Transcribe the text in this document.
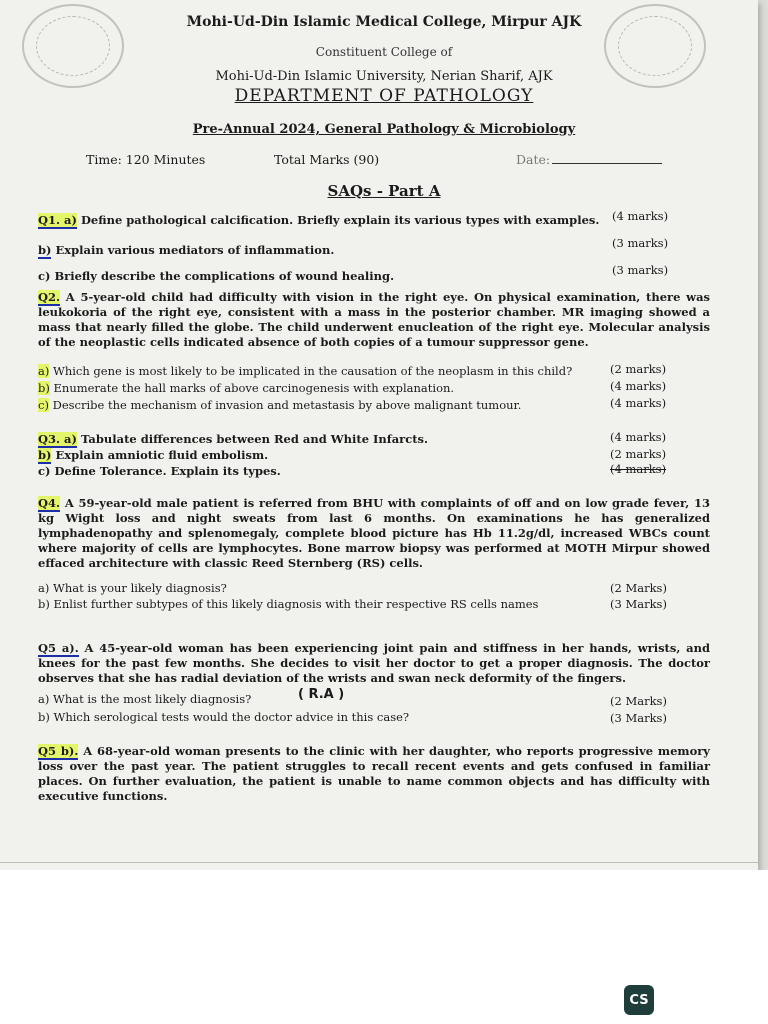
Mohi-Ud-Din Islamic Medical College, Mirpur AJK
Constituent College of
Mohi-Ud-Din Islamic University, Nerian Sharif, AJK
DEPARTMENT OF PATHOLOGY
Pre-Annual 2024, General Pathology & Microbiology
Time: 120 Minutes	Total Marks (90)	Date:
SAQs - Part A
Q1. a) Define pathological calcification. Briefly explain its various types with examples. (4 marks)
b) Explain various mediators of inflammation.	(3 marks)
c) Briefly describe the complications of wound healing.	(3 marks)
Q2. A 5-year-old child had difficulty with vision in the right eye. On physical examination, there was leukokoria of the right eye, consistent with a mass in the posterior chamber. MR imaging showed a mass that nearly filled the globe. The child underwent enucleation of the right eye. Molecular analysis of the neoplastic cells indicated absence of both copies of a tumour suppressor gene.
a) Which gene is most likely to be implicated in the causation of the neoplasm in this child?	(2 marks)
b) Enumerate the hall marks of above carcinogenesis with explanation.	(4 marks)
c) Describe the mechanism of invasion and metastasis by above malignant tumour.	(4 marks)
Q3. a) Tabulate differences between Red and White Infarcts.	(4 marks)
b) Explain amniotic fluid embolism.	(2 marks)
c) Define Tolerance. Explain its types.	(4 marks)
Q4. A 59-year-old male patient is referred from BHU with complaints of off and on low grade fever, 13 kg Wight loss and night sweats from last 6 months. On examinations he has generalized lymphadenopathy and splenomegaly, complete blood picture has Hb 11.2g/dl, increased WBCs count where majority of cells are lymphocytes. Bone marrow biopsy was performed at MOTH Mirpur showed effaced architecture with classic Reed Sternberg (RS) cells.
a) What is your likely diagnosis?	(2 Marks)
b) Enlist further subtypes of this likely diagnosis with their respective RS cells names	(3 Marks)
Q5 a). A 45-year-old woman has been experiencing joint pain and stiffness in her hands, wrists, and knees for the past few months. She decides to visit her doctor to get a proper diagnosis. The doctor observes that she has radial deviation of the wrists and swan neck deformity of the fingers.
a) What is the most likely diagnosis?	( R.A )	(2 Marks)
b) Which serological tests would the doctor advice in this case?	(3 Marks)
Q5 b). A 68-year-old woman presents to the clinic with her daughter, who reports progressive memory loss over the past year. The patient struggles to recall recent events and gets confused in familiar places. On further evaluation, the patient is unable to name common objects and has difficulty with executive functions.
CS
